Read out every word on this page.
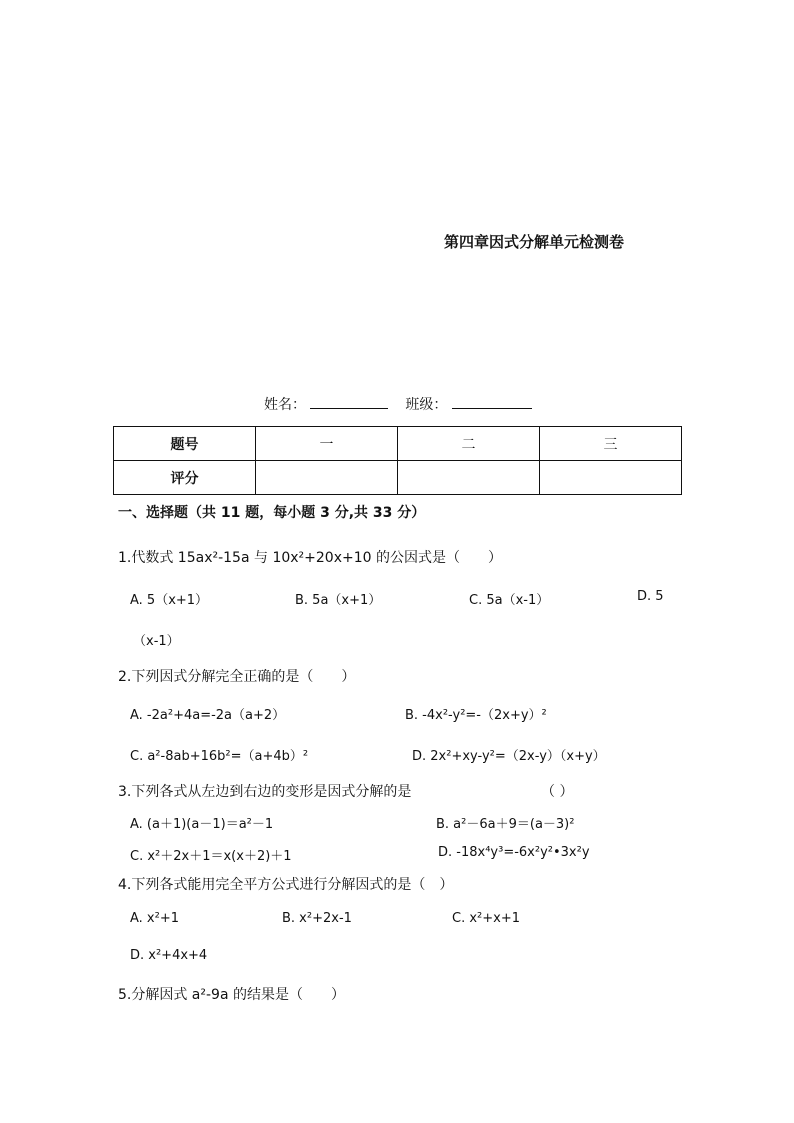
第四章因式分解单元检测卷
姓名：	班级：
题号	一	二	三
评分			
一、选择题（共 11 题，每小题 3 分,共 33 分）
1.代数式 15ax²-15a 与 10x²+20x+10 的公因式是（　　）
A. 5（x+1）	B. 5a（x+1）	C. 5a（x-1）	D. 5
（x-1）
2.下列因式分解完全正确的是（　　）
A. -2a²+4a=-2a（a+2）	B. -4x²-y²=-（2x+y）²
C. a²-8ab+16b²=（a+4b）²	D. 2x²+xy-y²=（2x-y）（x+y）
3.下列各式从左边到右边的变形是因式分解的是	（ ）
A. (a＋1)(a－1)＝a²－1	B. a²－6a＋9＝(a－3)²
C. x²＋2x＋1＝x(x＋2)＋1	D. -18x⁴y³=-6x²y²•3x²y
4.下列各式能用完全平方公式进行分解因式的是（　）
A. x²+1	B. x²+2x-1	C. x²+x+1
D. x²+4x+4
5.分解因式 a²-9a 的结果是（　　）
